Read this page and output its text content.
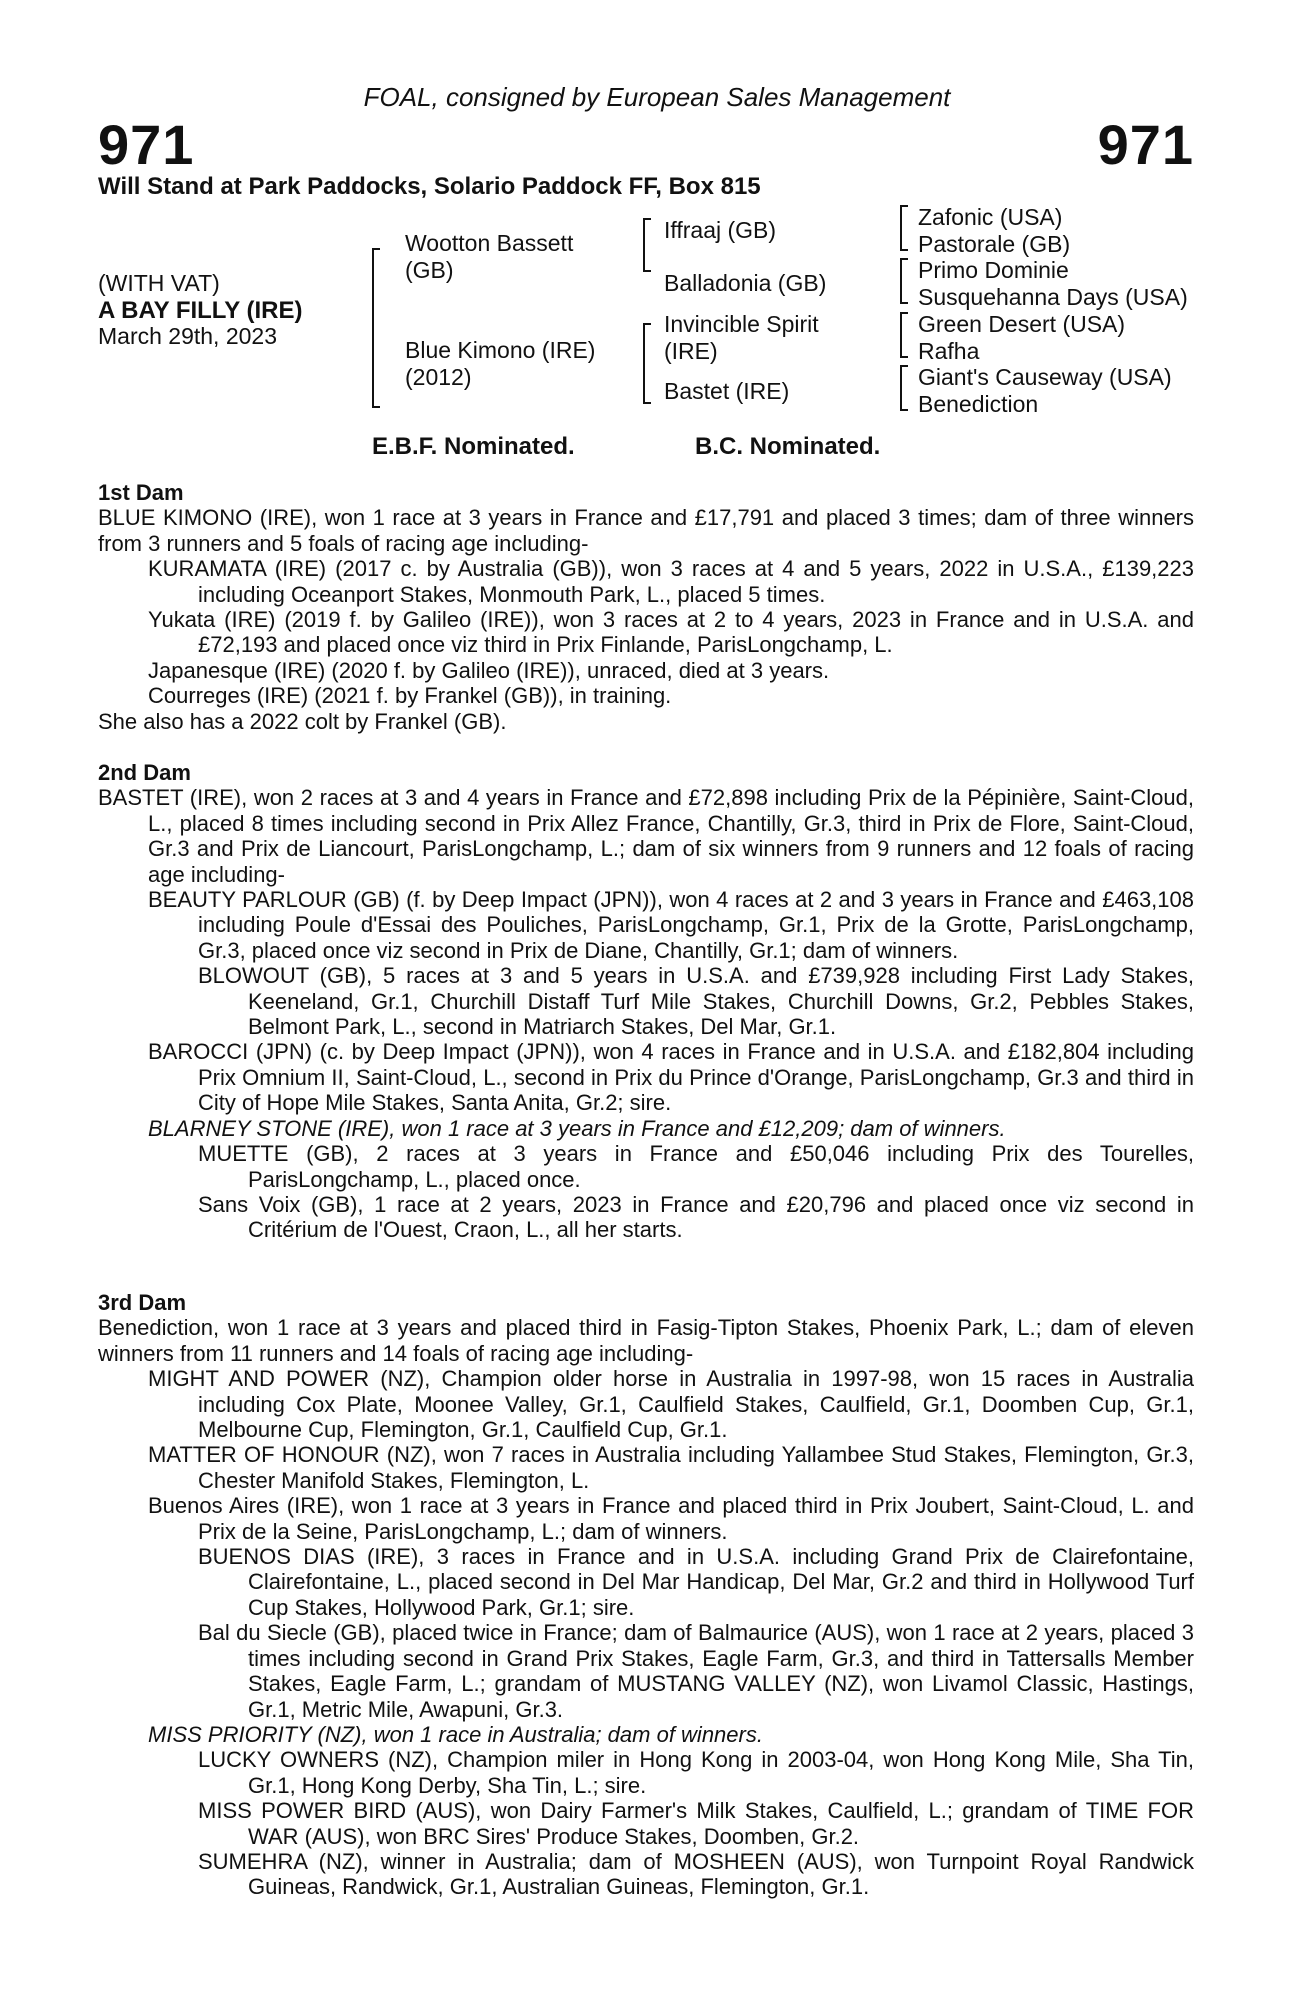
FOAL, consigned by European Sales Management
971	971
Will Stand at Park Paddocks, Solario Paddock FF, Box 815
(WITH VAT)
A BAY FILLY (IRE)
March 29th, 2023
Wootton Bassett (GB)
Blue Kimono (IRE) (2012)
Iffraaj (GB)
Balladonia (GB)
Invincible Spirit (IRE)
Bastet (IRE)
Zafonic (USA)
Pastorale (GB)
Primo Dominie
Susquehanna Days (USA)
Green Desert (USA)
Rafha
Giant's Causeway (USA)
Benediction
E.B.F. Nominated.	B.C. Nominated.
1st Dam
BLUE KIMONO (IRE), won 1 race at 3 years in France and £17,791 and placed 3 times; dam of three winners from 3 runners and 5 foals of racing age including-
KURAMATA (IRE) (2017 c. by Australia (GB)), won 3 races at 4 and 5 years, 2022 in U.S.A., £139,223 including Oceanport Stakes, Monmouth Park, L., placed 5 times.
Yukata (IRE) (2019 f. by Galileo (IRE)), won 3 races at 2 to 4 years, 2023 in France and in U.S.A. and £72,193 and placed once viz third in Prix Finlande, ParisLongchamp, L.
Japanesque (IRE) (2020 f. by Galileo (IRE)), unraced, died at 3 years.
Courreges (IRE) (2021 f. by Frankel (GB)), in training.
She also has a 2022 colt by Frankel (GB).
2nd Dam
BASTET (IRE), won 2 races at 3 and 4 years in France and £72,898 including Prix de la Pépinière, Saint-Cloud, L., placed 8 times including second in Prix Allez France, Chantilly, Gr.3, third in Prix de Flore, Saint-Cloud, Gr.3 and Prix de Liancourt, ParisLongchamp, L.; dam of six winners from 9 runners and 12 foals of racing age including-
BEAUTY PARLOUR (GB) (f. by Deep Impact (JPN)), won 4 races at 2 and 3 years in France and £463,108 including Poule d'Essai des Pouliches, ParisLongchamp, Gr.1, Prix de la Grotte, ParisLongchamp, Gr.3, placed once viz second in Prix de Diane, Chantilly, Gr.1; dam of winners.
BLOWOUT (GB), 5 races at 3 and 5 years in U.S.A. and £739,928 including First Lady Stakes, Keeneland, Gr.1, Churchill Distaff Turf Mile Stakes, Churchill Downs, Gr.2, Pebbles Stakes, Belmont Park, L., second in Matriarch Stakes, Del Mar, Gr.1.
BAROCCI (JPN) (c. by Deep Impact (JPN)), won 4 races in France and in U.S.A. and £182,804 including Prix Omnium II, Saint-Cloud, L., second in Prix du Prince d'Orange, ParisLongchamp, Gr.3 and third in City of Hope Mile Stakes, Santa Anita, Gr.2; sire.
BLARNEY STONE (IRE), won 1 race at 3 years in France and £12,209; dam of winners.
MUETTE (GB), 2 races at 3 years in France and £50,046 including Prix des Tourelles, ParisLongchamp, L., placed once.
Sans Voix (GB), 1 race at 2 years, 2023 in France and £20,796 and placed once viz second in Critérium de l'Ouest, Craon, L., all her starts.
3rd Dam
Benediction, won 1 race at 3 years and placed third in Fasig-Tipton Stakes, Phoenix Park, L.; dam of eleven winners from 11 runners and 14 foals of racing age including-
MIGHT AND POWER (NZ), Champion older horse in Australia in 1997-98, won 15 races in Australia including Cox Plate, Moonee Valley, Gr.1, Caulfield Stakes, Caulfield, Gr.1, Doomben Cup, Gr.1, Melbourne Cup, Flemington, Gr.1, Caulfield Cup, Gr.1.
MATTER OF HONOUR (NZ), won 7 races in Australia including Yallambee Stud Stakes, Flemington, Gr.3, Chester Manifold Stakes, Flemington, L.
Buenos Aires (IRE), won 1 race at 3 years in France and placed third in Prix Joubert, Saint-Cloud, L. and Prix de la Seine, ParisLongchamp, L.; dam of winners.
BUENOS DIAS (IRE), 3 races in France and in U.S.A. including Grand Prix de Clairefontaine, Clairefontaine, L., placed second in Del Mar Handicap, Del Mar, Gr.2 and third in Hollywood Turf Cup Stakes, Hollywood Park, Gr.1; sire.
Bal du Siecle (GB), placed twice in France; dam of Balmaurice (AUS), won 1 race at 2 years, placed 3 times including second in Grand Prix Stakes, Eagle Farm, Gr.3, and third in Tattersalls Member Stakes, Eagle Farm, L.; grandam of MUSTANG VALLEY (NZ), won Livamol Classic, Hastings, Gr.1, Metric Mile, Awapuni, Gr.3.
MISS PRIORITY (NZ), won 1 race in Australia; dam of winners.
LUCKY OWNERS (NZ), Champion miler in Hong Kong in 2003-04, won Hong Kong Mile, Sha Tin, Gr.1, Hong Kong Derby, Sha Tin, L.; sire.
MISS POWER BIRD (AUS), won Dairy Farmer's Milk Stakes, Caulfield, L.; grandam of TIME FOR WAR (AUS), won BRC Sires' Produce Stakes, Doomben, Gr.2.
SUMEHRA (NZ), winner in Australia; dam of MOSHEEN (AUS), won Turnpoint Royal Randwick Guineas, Randwick, Gr.1, Australian Guineas, Flemington, Gr.1.
